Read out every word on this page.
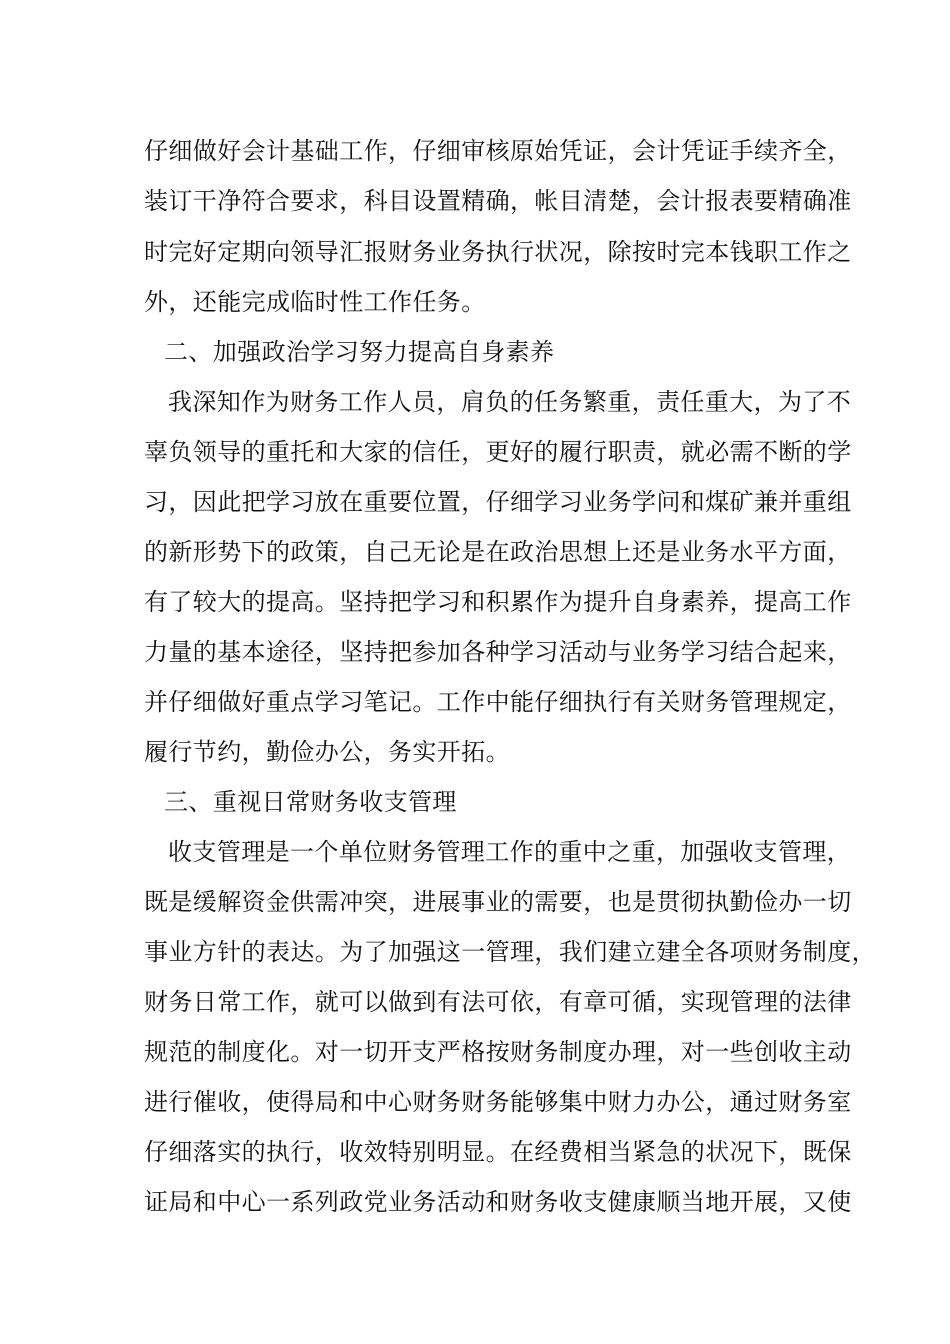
仔细做好会计基础工作，仔细审核原始凭证，会计凭证手续齐全，
装订干净符合要求，科目设置精确，帐目清楚，会计报表要精确准
时完好定期向领导汇报财务业务执行状况，除按时完本钱职工作之
外，还能完成临时性工作任务。
二、加强政治学习努力提高自身素养
我深知作为财务工作人员，肩负的任务繁重，责任重大，为了不
辜负领导的重托和大家的信任，更好的履行职责，就必需不断的学
习，因此把学习放在重要位置，仔细学习业务学问和煤矿兼并重组
的新形势下的政策，自己无论是在政治思想上还是业务水平方面，
有了较大的提高。坚持把学习和积累作为提升自身素养，提高工作
力量的基本途径，坚持把参加各种学习活动与业务学习结合起来，
并仔细做好重点学习笔记。工作中能仔细执行有关财务管理规定，
履行节约，勤俭办公，务实开拓。
三、重视日常财务收支管理
收支管理是一个单位财务管理工作的重中之重，加强收支管理，
既是缓解资金供需冲突，进展事业的需要，也是贯彻执勤俭办一切
事业方针的表达。为了加强这一管理，我们建立建全各项财务制度，
财务日常工作，就可以做到有法可依，有章可循，实现管理的法律
规范的制度化。对一切开支严格按财务制度办理，对一些创收主动
进行催收，使得局和中心财务财务能够集中财力办公，通过财务室
仔细落实的执行，收效特别明显。在经费相当紧急的状况下，既保
证局和中心一系列政党业务活动和财务收支健康顺当地开展，又使
